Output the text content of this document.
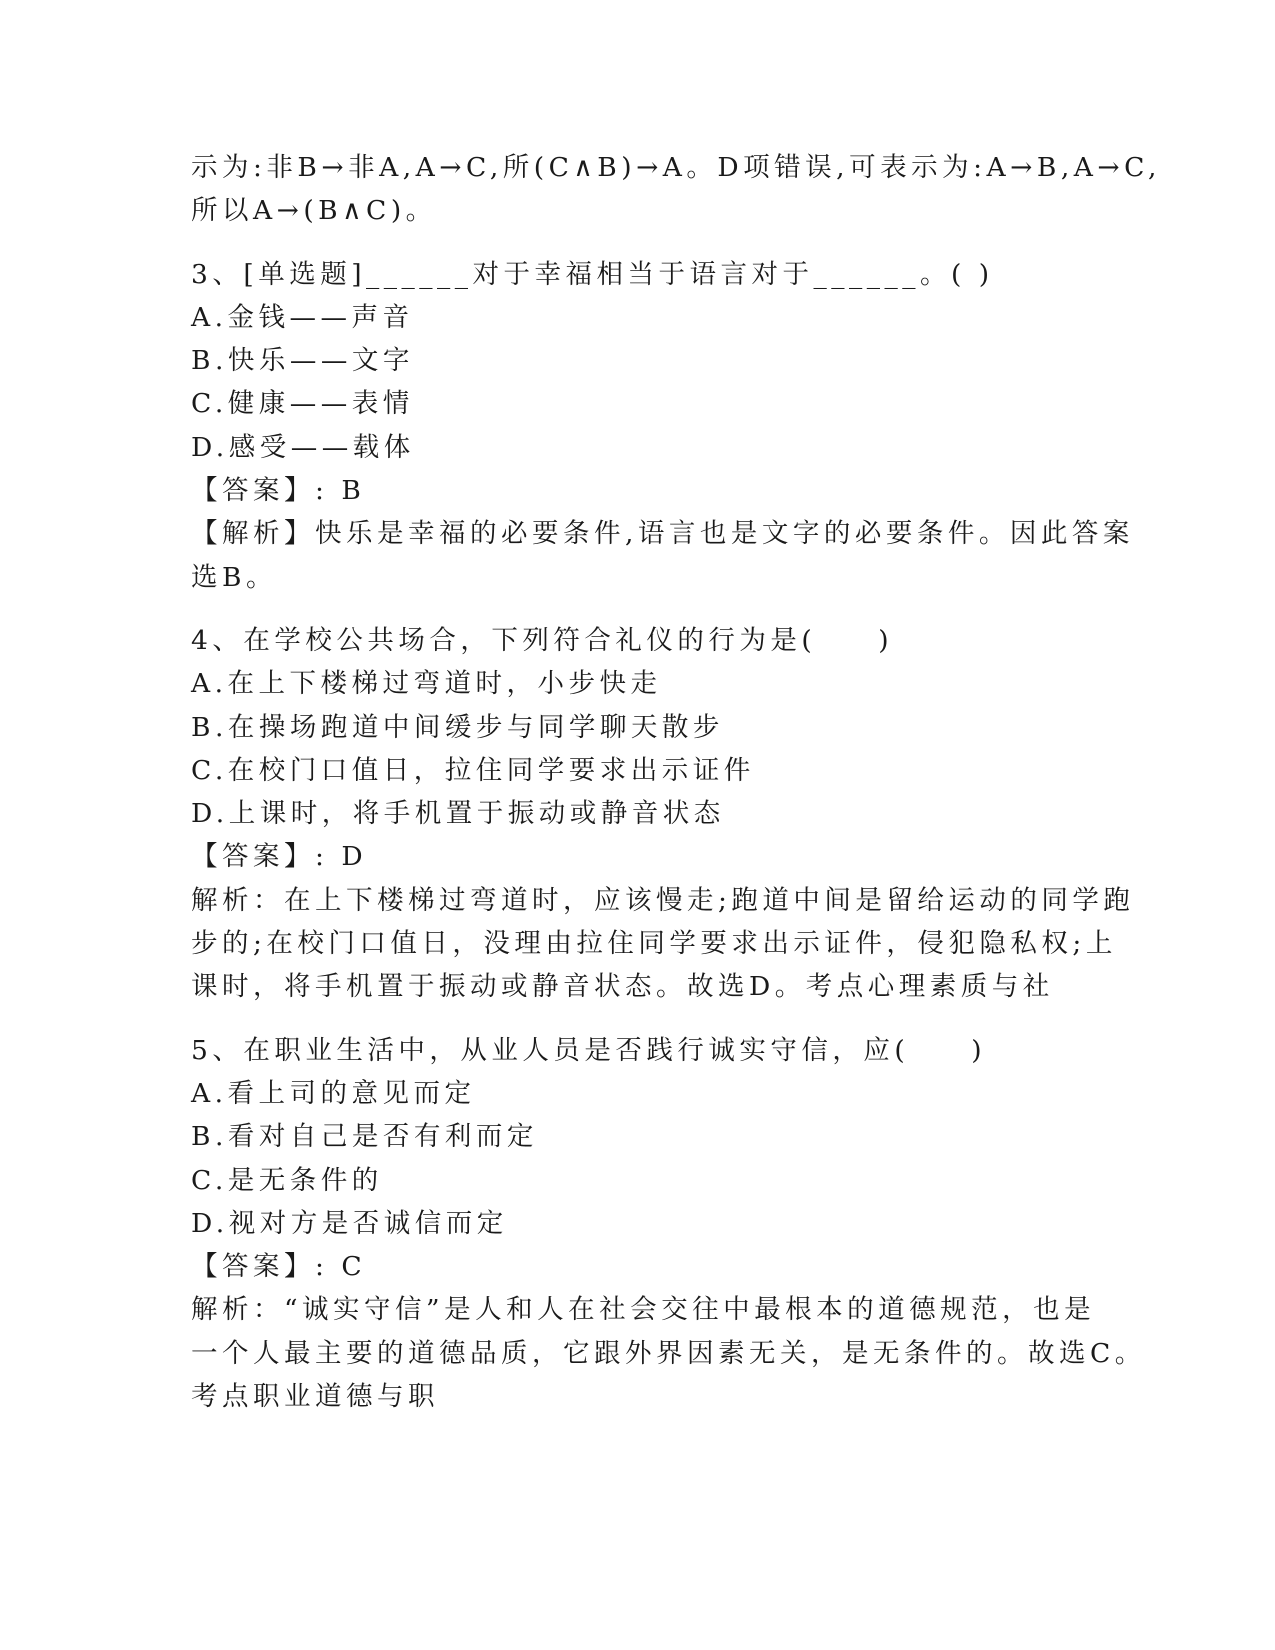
示为:非B→非A,A→C,所(C∧B)→A。D项错误,可表示为:A→B,A→C,
所以A→(B∧C)。
3、[单选题]______对于幸福相当于语言对于______。( )
A.金钱——声音
B.快乐——文字
C.健康——表情
D.感受——载体
【答案】: B
【解析】快乐是幸福的必要条件,语言也是文字的必要条件。因此答案
选B。
4、在学校公共场合，下列符合礼仪的行为是(　　)
A.在上下楼梯过弯道时，小步快走
B.在操场跑道中间缓步与同学聊天散步
C.在校门口值日，拉住同学要求出示证件
D.上课时，将手机置于振动或静音状态
【答案】: D
解析：在上下楼梯过弯道时，应该慢走;跑道中间是留给运动的同学跑
步的;在校门口值日，没理由拉住同学要求出示证件，侵犯隐私权;上
课时，将手机置于振动或静音状态。故选D。考点心理素质与社
5、在职业生活中，从业人员是否践行诚实守信，应(　　)
A.看上司的意见而定
B.看对自己是否有利而定
C.是无条件的
D.视对方是否诚信而定
【答案】: C
解析：“诚实守信”是人和人在社会交往中最根本的道德规范，也是
一个人最主要的道德品质，它跟外界因素无关，是无条件的。故选C。
考点职业道德与职
